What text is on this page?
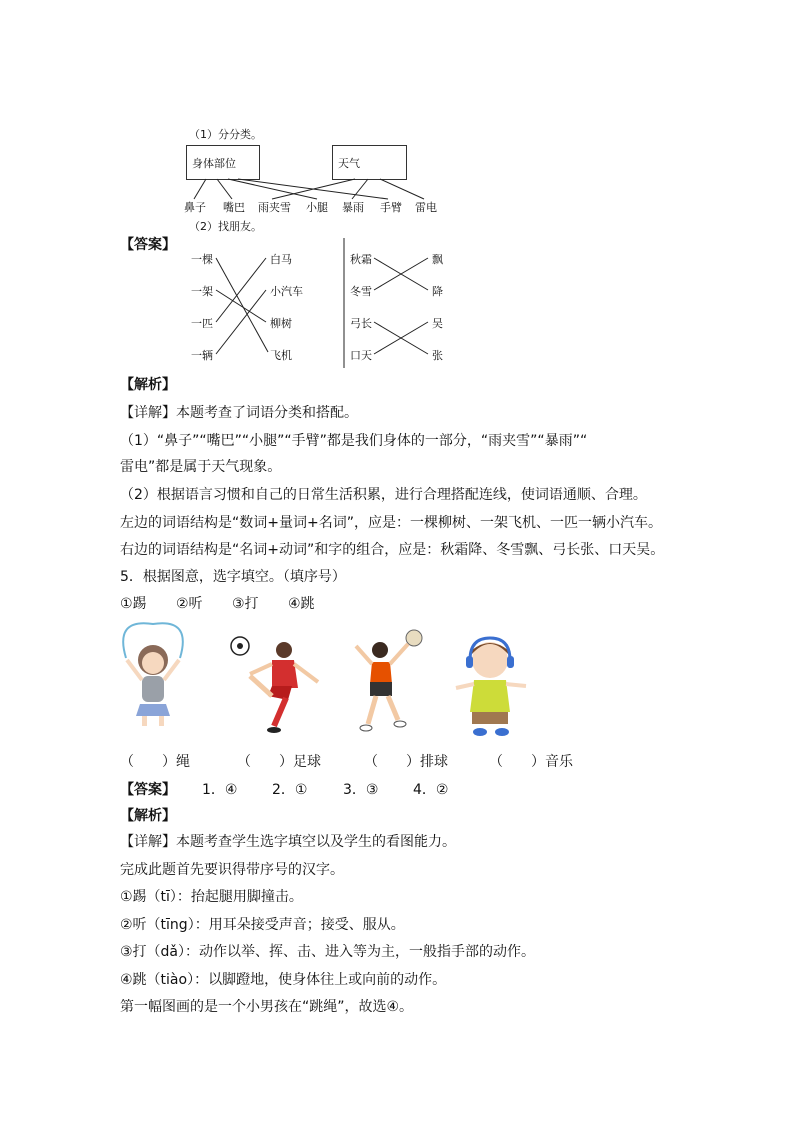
（1）分分类。
身体部位	天气
鼻子 嘴巴 雨夹雪 小腿 暴雨 手臂 雷电
（2）找朋友。
【答案】
一棵
一架
一匹
一辆
白马
小汽车
柳树
飞机
秋霜
冬雪
弓长
口天
飘
降
吴
张
【解析】
【详解】本题考查了词语分类和搭配。
（1）“鼻子”“嘴巴”“小腿”“手臂”都是我们身体的一部分，“雨夹雪”“暴雨”“
雷电”都是属于天气现象。
（2）根据语言习惯和自己的日常生活积累，进行合理搭配连线，使词语通顺、合理。
左边的词语结构是“数词+量词+名词”，应是：一棵柳树、一架飞机、一匹一辆小汽车。
右边的词语结构是“名词+动词”和字的组合，应是：秋霜降、冬雪飘、弓长张、口天吴。
5．根据图意，选字填空。（填序号）
①踢 ②听 ③打 ④跳
（　　）绳	（　　）足球	（　　）排球	（　　）音乐
【答案】 1．④ 2．①	3．③ 4．②
【解析】
【详解】本题考查学生选字填空以及学生的看图能力。
完成此题首先要识得带序号的汉字。
①踢（tī）：抬起腿用脚撞击。
②听（tīng）：用耳朵接受声音；接受、服从。
③打（dǎ）：动作以举、挥、击、进入等为主，一般指手部的动作。
④跳（tiào）：以脚蹬地，使身体往上或向前的动作。
第一幅图画的是一个小男孩在“跳绳”，故选④。
